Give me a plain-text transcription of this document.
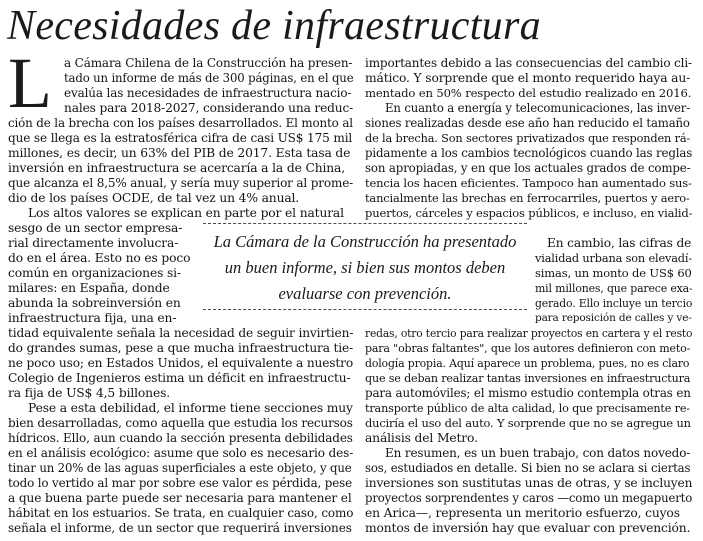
Necesidades de infraestructura
L a Cámara Chilena de la Construcción ha presen-
tado un informe de más de 300 páginas, en el que
evalúa las necesidades de infraestructura nacio-
nales para 2018-2027, considerando una reduc-
ción de la brecha con los países desarrollados. El monto al
que se llega es la estratosférica cifra de casi US$ 175 mil
millones, es decir, un 63% del PIB de 2017. Esta tasa de
inversión en infraestructura se acercaría a la de China,
que alcanza el 8,5% anual, y sería muy superior al prome-
dio de los países OCDE, de tal vez un 4% anual.
Los altos valores se explican en parte por el natural
sesgo de un sector empresa-
rial directamente involucra-
do en el área. Esto no es poco
común en organizaciones si-
milares: en España, donde
abunda la sobreinversión en
infraestructura fija, una en-
tidad equivalente señala la necesidad de seguir invirtien-
do grandes sumas, pese a que mucha infraestructura tie-
ne poco uso; en Estados Unidos, el equivalente a nuestro
Colegio de Ingenieros estima un déficit en infraestructu-
ra fija de US$ 4,5 billones.
Pese a esta debilidad, el informe tiene secciones muy
bien desarrolladas, como aquella que estudia los recursos
hídricos. Ello, aun cuando la sección presenta debilidades
en el análisis ecológico: asume que solo es necesario des-
tinar un 20% de las aguas superficiales a este objeto, y que
todo lo vertido al mar por sobre ese valor es pérdida, pese
a que buena parte puede ser necesaria para mantener el
hábitat en los estuarios. Se trata, en cualquier caso, como
señala el informe, de un sector que requerirá inversiones
importantes debido a las consecuencias del cambio cli-
mático. Y sorprende que el monto requerido haya au-
mentado en 50% respecto del estudio realizado en 2016.
En cuanto a energía y telecomunicaciones, las inver-
siones realizadas desde ese año han reducido el tamaño
de la brecha. Son sectores privatizados que responden rá-
pidamente a los cambios tecnológicos cuando las reglas
son apropiadas, y en que los actuales grados de compe-
tencia los hacen eficientes. Tampoco han aumentado sus-
tancialmente las brechas en ferrocarriles, puertos y aero-
puertos, cárceles y espacios públicos, e incluso, en vialid-
En cambio, las cifras de
vialidad urbana son elevadí-
simas, un monto de US$ 60
mil millones, que parece exa-
gerado. Ello incluye un tercio
para reposición de calles y ve-
redas, otro tercio para realizar proyectos en cartera y el resto
para "obras faltantes", que los autores definieron con meto-
dología propia. Aquí aparece un problema, pues, no es claro
que se deban realizar tantas inversiones en infraestructura
para automóviles; el mismo estudio contempla otras en
transporte público de alta calidad, lo que precisamente re-
duciría el uso del auto. Y sorprende que no se agregue un
análisis del Metro.
En resumen, es un buen trabajo, con datos novedo-
sos, estudiados en detalle. Si bien no se aclara si ciertas
inversiones son sustitutas unas de otras, y se incluyen
proyectos sorprendentes y caros —como un megapuerto
en Arica—, representa un meritorio esfuerzo, cuyos
montos de inversión hay que evaluar con prevención.
La Cámara de la Construcción ha presentado
un buen informe, si bien sus montos deben
evaluarse con prevención.
